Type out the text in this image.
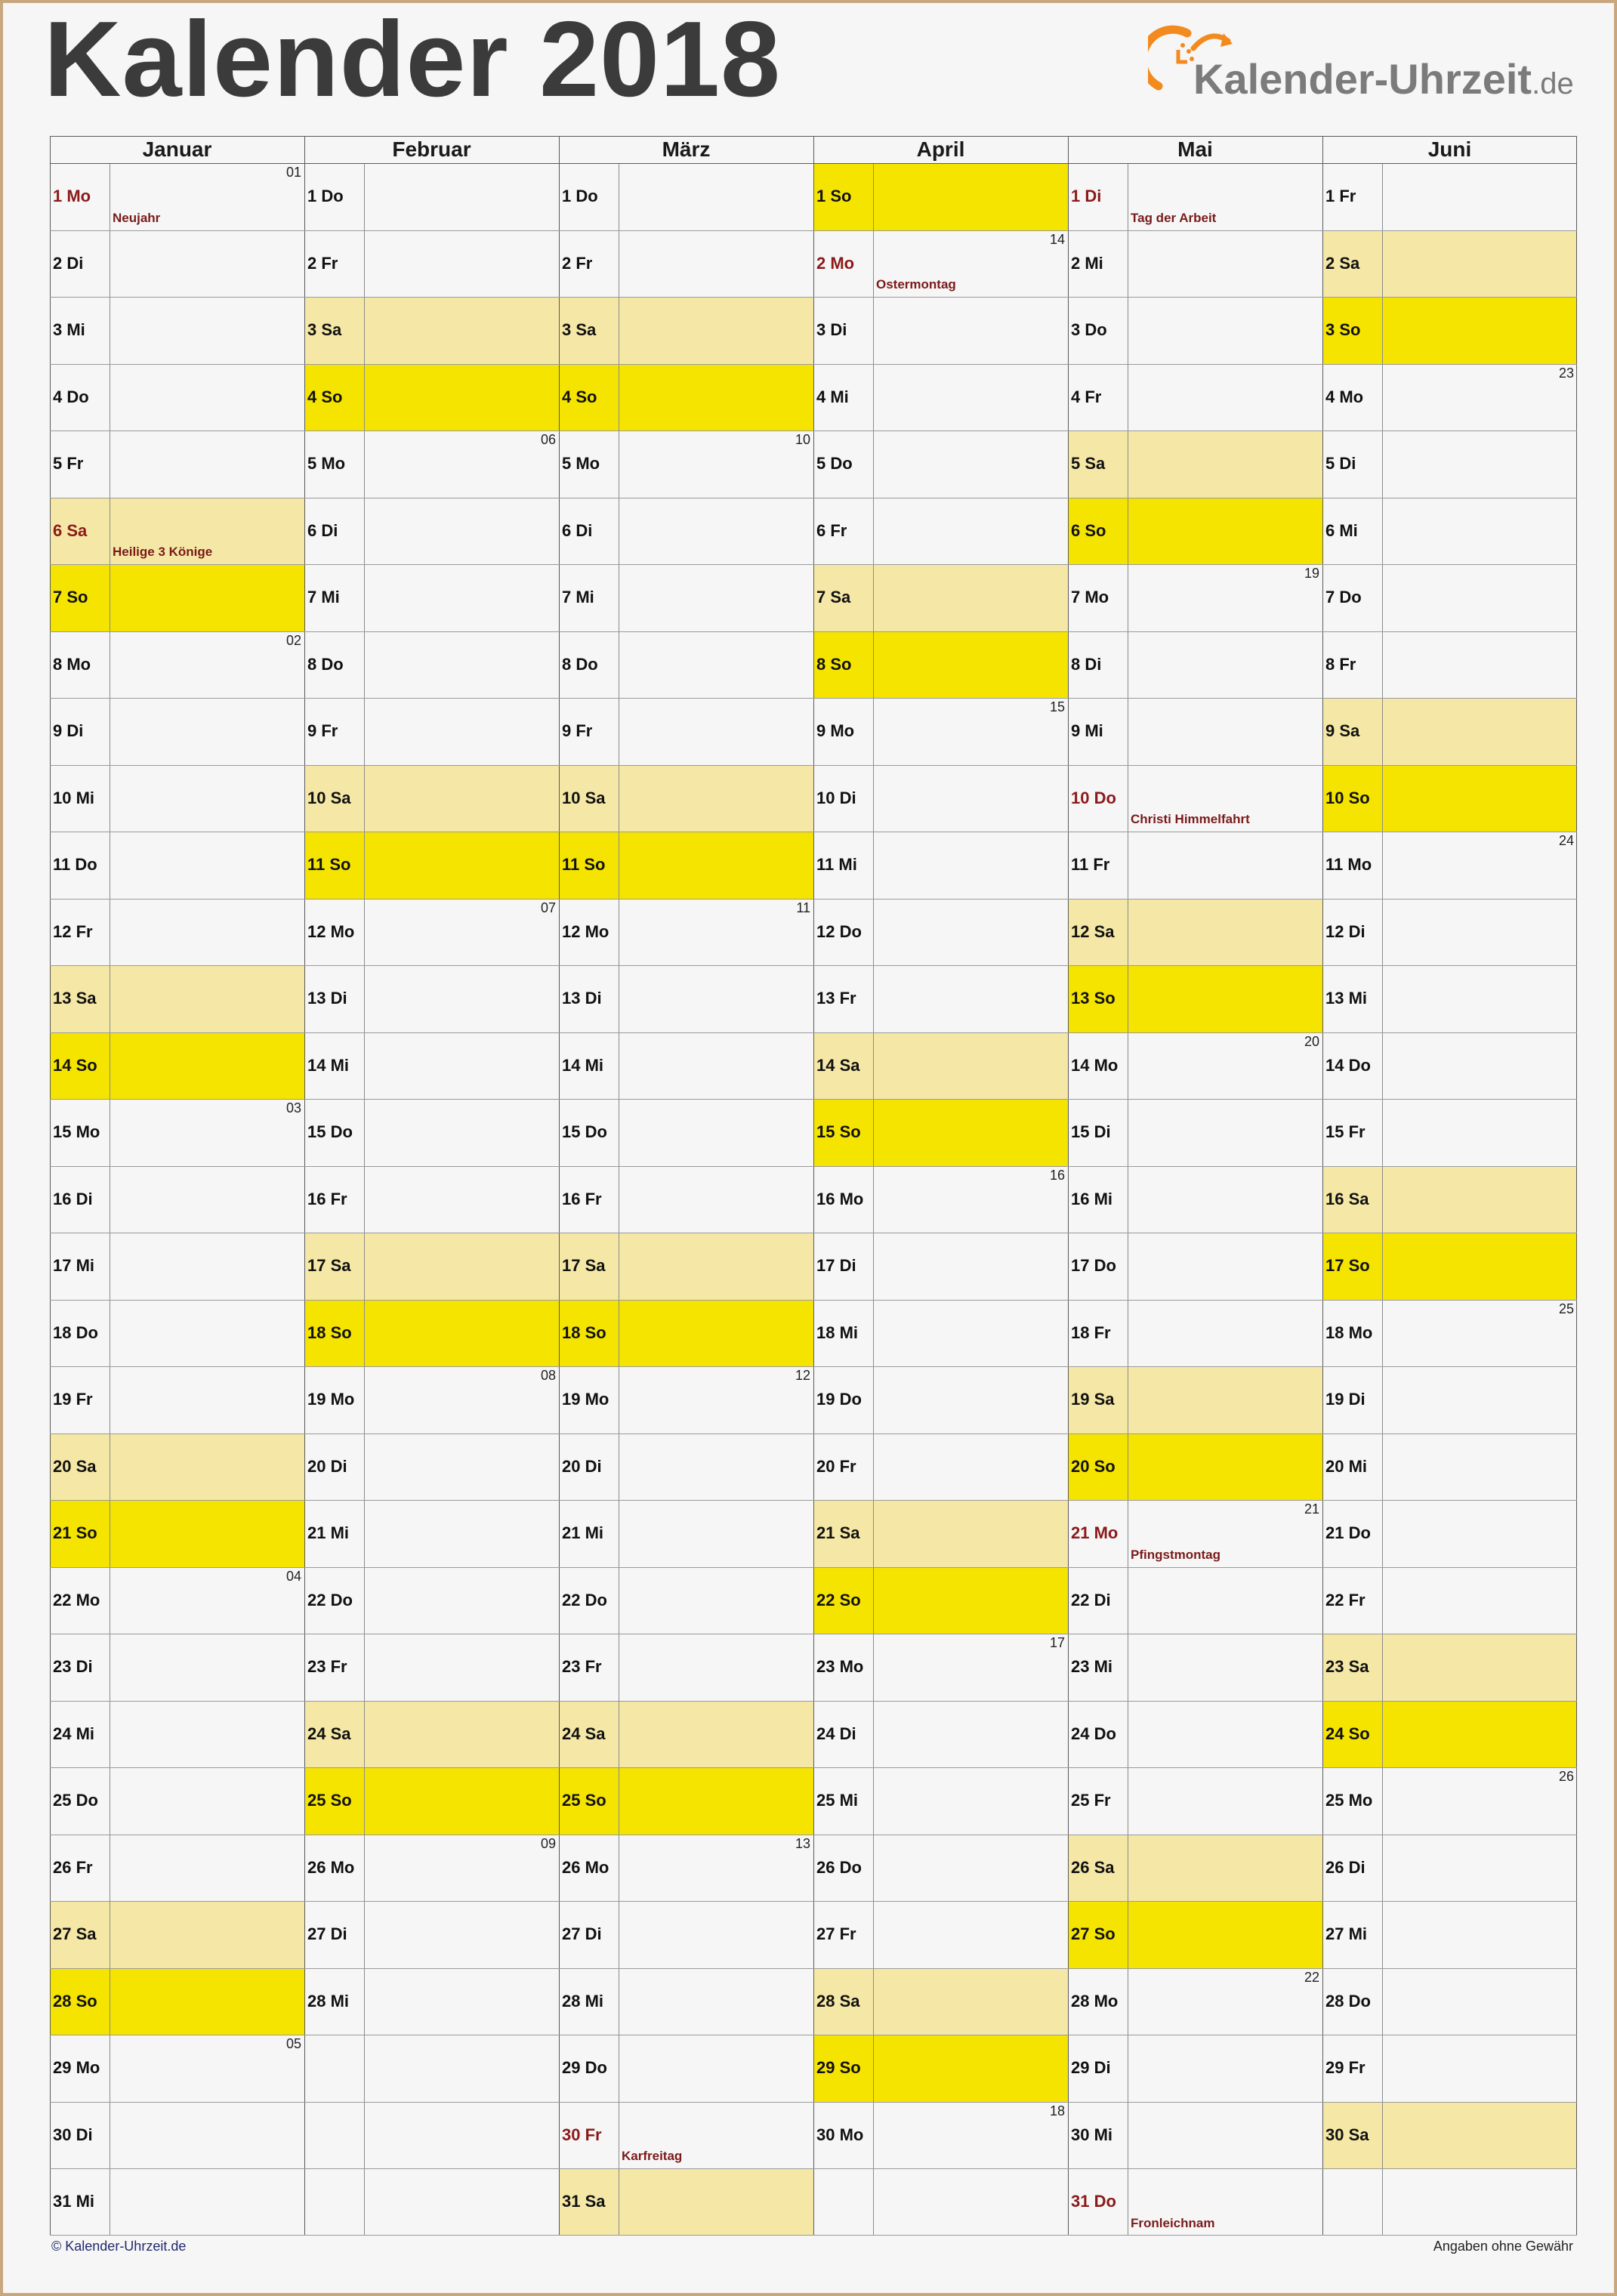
Kalender 2018	Kalender-Uhrzeit.de
Januar
1 Mo
01
Neujahr
2 Di
3 Mi
4 Do
5 Fr
6 Sa
Heilige 3 Könige
7 So
8 Mo
02
9 Di
10 Mi
11 Do
12 Fr
13 Sa
14 So
15 Mo
03
16 Di
17 Mi
18 Do
19 Fr
20 Sa
21 So
22 Mo
04
23 Di
24 Mi
25 Do
26 Fr
27 Sa
28 So
29 Mo
05
30 Di
31 Mi
Februar
1 Do
2 Fr
3 Sa
4 So
5 Mo
06
6 Di
7 Mi
8 Do
9 Fr
10 Sa
11 So
12 Mo
07
13 Di
14 Mi
15 Do
16 Fr
17 Sa
18 So
19 Mo
08
20 Di
21 Mi
22 Do
23 Fr
24 Sa
25 So
26 Mo
09
27 Di
28 Mi
März
1 Do
2 Fr
3 Sa
4 So
5 Mo
10
6 Di
7 Mi
8 Do
9 Fr
10 Sa
11 So
12 Mo
11
13 Di
14 Mi
15 Do
16 Fr
17 Sa
18 So
19 Mo
12
20 Di
21 Mi
22 Do
23 Fr
24 Sa
25 So
26 Mo
13
27 Di
28 Mi
29 Do
30 Fr
Karfreitag
31 Sa
April
1 So
2 Mo
14
Ostermontag
3 Di
4 Mi
5 Do
6 Fr
7 Sa
8 So
9 Mo
15
10 Di
11 Mi
12 Do
13 Fr
14 Sa
15 So
16 Mo
16
17 Di
18 Mi
19 Do
20 Fr
21 Sa
22 So
23 Mo
17
24 Di
25 Mi
26 Do
27 Fr
28 Sa
29 So
30 Mo
18
Mai
1 Di
Tag der Arbeit
2 Mi
3 Do
4 Fr
5 Sa
6 So
7 Mo
19
8 Di
9 Mi
10 Do
Christi Himmelfahrt
11 Fr
12 Sa
13 So
14 Mo
20
15 Di
16 Mi
17 Do
18 Fr
19 Sa
20 So
21 Mo
21
Pfingstmontag
22 Di
23 Mi
24 Do
25 Fr
26 Sa
27 So
28 Mo
22
29 Di
30 Mi
31 Do
Fronleichnam
Juni
1 Fr
2 Sa
3 So
4 Mo
23
5 Di
6 Mi
7 Do
8 Fr
9 Sa
10 So
11 Mo
24
12 Di
13 Mi
14 Do
15 Fr
16 Sa
17 So
18 Mo
25
19 Di
20 Mi
21 Do
22 Fr
23 Sa
24 So
25 Mo
26
26 Di
27 Mi
28 Do
29 Fr
30 Sa
© Kalender-Uhrzeit.de	Angaben ohne Gewähr
